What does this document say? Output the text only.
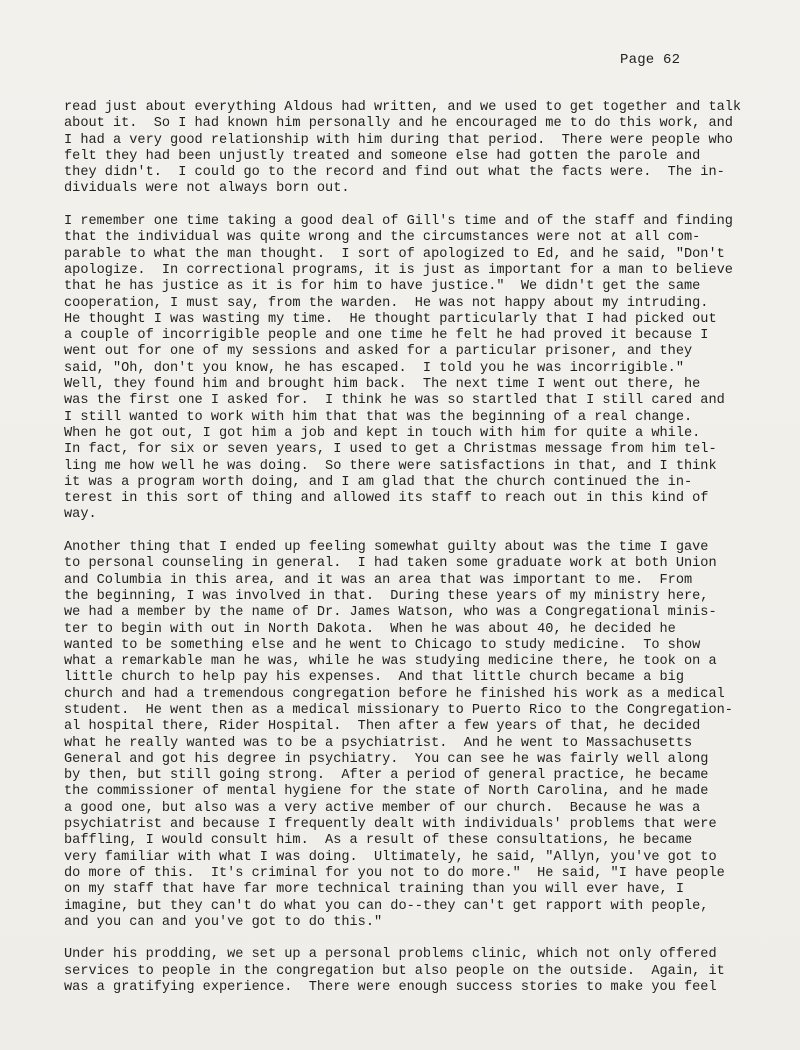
Page 62
read just about everything Aldous had written, and we used to get together and talk
about it.  So I had known him personally and he encouraged me to do this work, and
I had a very good relationship with him during that period.  There were people who
felt they had been unjustly treated and someone else had gotten the parole and
they didn't.  I could go to the record and find out what the facts were.  The in-
dividuals were not always born out.
I remember one time taking a good deal of Gill's time and of the staff and finding
that the individual was quite wrong and the circumstances were not at all com-
parable to what the man thought.  I sort of apologized to Ed, and he said, "Don't
apologize.  In correctional programs, it is just as important for a man to believe
that he has justice as it is for him to have justice."  We didn't get the same
cooperation, I must say, from the warden.  He was not happy about my intruding.
He thought I was wasting my time.  He thought particularly that I had picked out
a couple of incorrigible people and one time he felt he had proved it because I
went out for one of my sessions and asked for a particular prisoner, and they
said, "Oh, don't you know, he has escaped.  I told you he was incorrigible."
Well, they found him and brought him back.  The next time I went out there, he
was the first one I asked for.  I think he was so startled that I still cared and
I still wanted to work with him that that was the beginning of a real change.
When he got out, I got him a job and kept in touch with him for quite a while.
In fact, for six or seven years, I used to get a Christmas message from him tel-
ling me how well he was doing.  So there were satisfactions in that, and I think
it was a program worth doing, and I am glad that the church continued the in-
terest in this sort of thing and allowed its staff to reach out in this kind of
way.
Another thing that I ended up feeling somewhat guilty about was the time I gave
to personal counseling in general.  I had taken some graduate work at both Union
and Columbia in this area, and it was an area that was important to me.  From
the beginning, I was involved in that.  During these years of my ministry here,
we had a member by the name of Dr. James Watson, who was a Congregational minis-
ter to begin with out in North Dakota.  When he was about 40, he decided he
wanted to be something else and he went to Chicago to study medicine.  To show
what a remarkable man he was, while he was studying medicine there, he took on a
little church to help pay his expenses.  And that little church became a big
church and had a tremendous congregation before he finished his work as a medical
student.  He went then as a medical missionary to Puerto Rico to the Congregation-
al hospital there, Rider Hospital.  Then after a few years of that, he decided
what he really wanted was to be a psychiatrist.  And he went to Massachusetts
General and got his degree in psychiatry.  You can see he was fairly well along
by then, but still going strong.  After a period of general practice, he became
the commissioner of mental hygiene for the state of North Carolina, and he made
a good one, but also was a very active member of our church.  Because he was a
psychiatrist and because I frequently dealt with individuals' problems that were
baffling, I would consult him.  As a result of these consultations, he became
very familiar with what I was doing.  Ultimately, he said, "Allyn, you've got to
do more of this.  It's criminal for you not to do more."  He said, "I have people
on my staff that have far more technical training than you will ever have, I
imagine, but they can't do what you can do--they can't get rapport with people,
and you can and you've got to do this."
Under his prodding, we set up a personal problems clinic, which not only offered
services to people in the congregation but also people on the outside.  Again, it
was a gratifying experience.  There were enough success stories to make you feel
